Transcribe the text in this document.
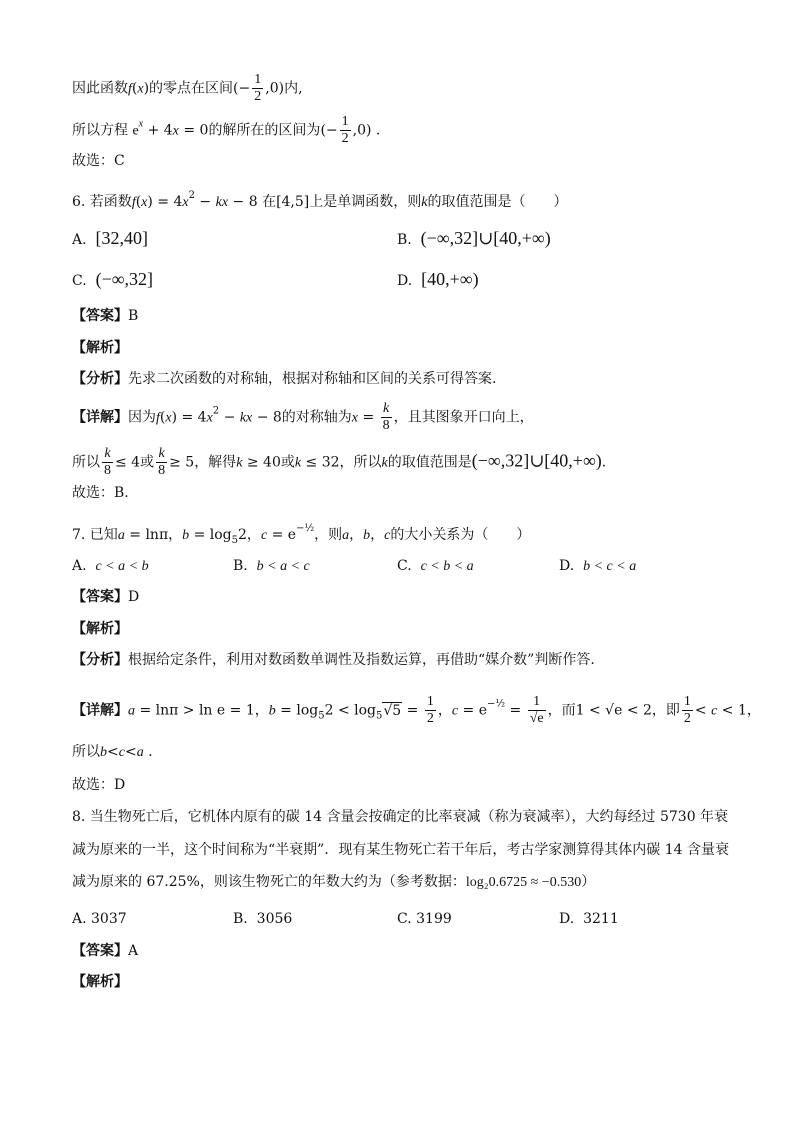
因此函数f(x)的零点在区间(− $\frac{1}{2} ,0$)内,
所以方程 $e^x + 4x = 0$的解所在的区间为(− $\frac{1}{2} ,0$) .
故选：C
6. 若函数$f(x) = 4x^2$ − kx − 8 在[4,5]上是单调函数，则k的取值范围是（　　）
A. [32,40]	B. (−∞,32]∪[40,+∞)
C. (−∞,32]	D. [40,+∞)
【答案】B
【解析】
【分析】先求二次函数的对称轴，根据对称轴和区间的关系可得答案.
【详解】因为$f(x) = 4x^2$ − kx − 8的对称轴为$x = \frac{k}{8}$ ，且其图象开口向上，
所以 $\frac{k}{8} \le 4$或 $\frac{k}{8} \ge 5$，解得k ≥ 40或k ≤ 32，所以k的取值范围是(−∞,32]∪[40,+∞).
故选：B.
7. 已知a = lnπ，$b = \log_52$，$c = e^{-\frac{1}{2}}$，则a，b，c的大小关系为（　　）
A. c < a < b	B. b < a < c	C. c < b < a	D. b < c < a
【答案】D
【解析】
【分析】根据给定条件，利用对数函数单调性及指数运算，再借助“媒介数”判断作答.
【详解】a = lnπ > ln e = 1，$b = \log_52 < \log_5√5 = \frac{1}{2}$ ，$c = e^{-\frac{1}{2}} = \frac{1}{√e}$ ，而1 < √e < 2，即 $\frac{1}{2} < c < 1$，
所以b<c<a .
故选：D
8. 当生物死亡后，它机体内原有的碳 14 含量会按确定的比率衰减（称为衰减率），大约每经过 5730 年衰
减为原来的一半，这个时间称为“半衰期”．现有某生物死亡若干年后，考古学家测算得其体内碳 14 含量衰
减为原来的 67.25%，则该生物死亡的年数大约为（参考数据：log₂0.6725 ≈ −0.530）
A. 3037	B. 3056	C. 3199	D. 3211
【答案】A
【解析】
